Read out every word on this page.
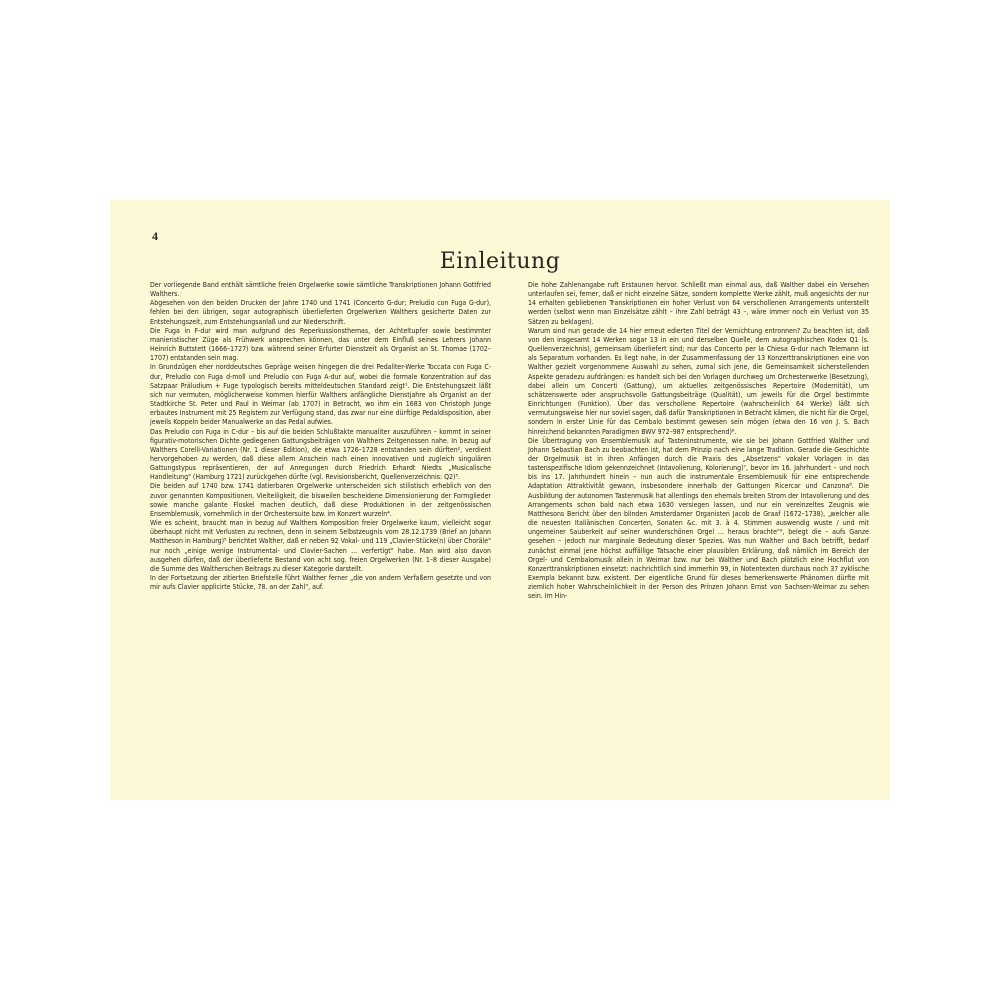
4
Einleitung

Der vorliegende Band enthält sämtliche freien Orgelwerke sowie sämtliche Transkriptionen Johann Gottfried Walthers.

Abgesehen von den beiden Drucken der Jahre 1740 und 1741 (Concerto G-dur; Preludio con Fuga G-dur), fehlen bei den übrigen, sogar autographisch überlieferten Orgelwerken Walthers gesicherte Daten zur Entstehungszeit, zum Entstehungsanlaß und zur Niederschrift.

Die Fuga in F-dur wird man aufgrund des Reperkussionsthemas, der Achteltupfer sowie bestimmter manieristischer Züge als Frühwerk ansprechen können, das unter dem Einfluß seines Lehrers Johann Heinrich Buttstett (1666–1727) bzw. während seiner Erfurter Dienstzeit als Organist an St. Thomae (1702–1707) entstanden sein mag.

In Grundzügen eher norddeutsches Gepräge weisen hingegen die drei Pedaliter-Werke Toccata con Fuga C-dur, Preludio con Fuga d-moll und Preludio con Fuga A-dur auf, wobei die formale Konzentration auf das Satzpaar Präludium + Fuge typologisch bereits mitteldeutschen Standard zeigt¹. Die Entstehungszeit läßt sich nur vermuten, möglicherweise kommen hierfür Walthers anfängliche Dienstjahre als Organist an der Stadtkirche St. Peter und Paul in Weimar (ab 1707) in Betracht, wo ihm ein 1683 von Christoph Junge erbautes Instrument mit 25 Registern zur Verfügung stand, das zwar nur eine dürftige Pedaldisposition, aber jeweils Koppeln beider Manualwerke an das Pedal aufwies.

Das Preludio con Fuga in C-dur – bis auf die beiden Schlußtakte manualiter auszuführen – kommt in seiner figurativ-motorischen Dichte gediegenen Gattungsbeiträgen von Walthers Zeitgenossen nahe. In bezug auf Walthers Corelli-Variationen (Nr. 1 dieser Edition), die etwa 1726–1728 entstanden sein dürften², verdient hervorgehoben zu werden, daß diese allem Anschein nach einen innovativen und zugleich singulären Gattungstypus repräsentieren, der auf Anregungen durch Friedrich Erhardt Niedts „Musicalische Handleitung" (Hamburg 1721) zurückgehen dürfte (vgl. Revisionsbericht, Quellenverzeichnis: Q2)³.

Die beiden auf 1740 bzw. 1741 datierbaren Orgelwerke unterscheiden sich stilistisch erheblich von den zuvor genannten Kompositionen. Vielteiligkeit, die bisweilen bescheidene Dimensionierung der Formglieder sowie manche galante Floskel machen deutlich, daß diese Produktionen in der zeitgenössischen Ensemblemusik, vornehmlich in der Orchestersuite bzw. im Konzert wurzeln⁴.

Wie es scheint, braucht man in bezug auf Walthers Komposition freier Orgelwerke kaum, vielleicht sogar überhaupt nicht mit Verlusten zu rechnen, denn in seinem Selbstzeugnis vom 28.12.1739 (Brief an Johann Mattheson in Hamburg)⁵ berichtet Walther, daß er neben 92 Vokal- und 119 „Clavier-Stücke(n) über Choräle" nur noch „einige wenige Instrumental- und Clavier-Sachen ... verfertigt" habe. Man wird also davon ausgehen dürfen, daß der überlieferte Bestand von acht sog. freien Orgelwerken (Nr. 1–8 dieser Ausgabe) die Summe des Waltherschen Beitrags zu dieser Kategorie darstellt.

In der Fortsetzung der zitierten Briefstelle führt Walther ferner „die von andern Verfaßern gesetzte und von mir aufs Clavier applicirte Stücke, 78. an der Zahl", auf.

Die hohe Zahlenangabe ruft Erstaunen hervor. Schließt man einmal aus, daß Walther dabei ein Versehen unterlaufen sei, ferner, daß er nicht einzelne Sätze, sondern komplette Werke zählt, muß angesichts der nur 14 erhalten gebliebenen Transkriptionen ein hoher Verlust von 64 verschollenen Arrangements unterstellt werden (selbst wenn man Einzelsätze zählt – ihre Zahl beträgt 43 –, wäre immer noch ein Verlust von 35 Sätzen zu beklagen).

Warum sind nun gerade die 14 hier erneut edierten Titel der Vernichtung entronnen? Zu beachten ist, daß von den insgesamt 14 Werken sogar 13 in ein und derselben Quelle, dem autographischen Kodex Q1 (s. Quellenverzeichnis), gemeinsam überliefert sind; nur das Concerto per la Chiesa G-dur nach Telemann ist als Separatum vorhanden. Es liegt nahe, in der Zusammenfassung der 13 Konzerttranskriptionen eine von Walther gezielt vorgenommene Auswahl zu sehen, zumal sich jene, die Gemeinsamkeit sicherstellenden Aspekte geradezu aufdrängen: es handelt sich bei den Vorlagen durchweg um Orchesterwerke (Besetzung), dabei allein um Concerti (Gattung), um aktuelles zeitgenössisches Repertoire (Modernität), um schätzenswerte oder anspruchsvolle Gattungsbeiträge (Qualität), um jeweils für die Orgel bestimmte Einrichtungen (Funktion). Über das verschollene Repertoire (wahrscheinlich 64 Werke) läßt sich vermutungsweise hier nur soviel sagen, daß dafür Transkriptionen in Betracht kämen, die nicht für die Orgel, sondern in erster Linie für das Cembalo bestimmt gewesen sein mögen (etwa den 16 von J. S. Bach hinreichend bekannten Paradigmen BWV 972–987 entsprechend)⁶.

Die Übertragung von Ensemblemusik auf Tasteninstrumente, wie sie bei Johann Gottfried Walther und Johann Sebastian Bach zu beobachten ist, hat dem Prinzip nach eine lange Tradition. Gerade die Geschichte der Orgelmusik ist in ihren Anfängen durch die Praxis des „Absetzens" vokaler Vorlagen in das tastenspezifische Idiom gekennzeichnet (Intavolierung, Kolorierung)⁷, bevor im 16. Jahrhundert – und noch bis ins 17. Jahrhundert hinein – nun auch die instrumentale Ensemblemusik für eine entsprechende Adaptation Attraktivität gewann, insbesondere innerhalb der Gattungen Ricercar und Canzona⁸. Die Ausbildung der autonomen Tastenmusik hat allerdings den ehemals breiten Strom der Intavolierung und des Arrangements schon bald nach etwa 1630 versiegen lassen, und nur ein vereinzeltes Zeugnis wie Matthesons Bericht über den blinden Amsterdamer Organisten Jacob de Graaf (1672–1738), „welcher alle die neuesten Italiänischen Concerten, Sonaten &c. mit 3. à 4. Stimmen auswendig wuste / und mit ungemeiner Sauberkeit auf seiner wunderschönen Orgel ... heraus brachte"⁹, belegt die – aufs Ganze gesehen – jedoch nur marginale Bedeutung dieser Spezies. Was nun Walther und Bach betrifft, bedarf zunächst einmal jene höchst auffällige Tatsache einer plausiblen Erklärung, daß nämlich im Bereich der Orgel- und Cembalomusik allein in Weimar bzw. nur bei Walther und Bach plötzlich eine Hochflut von Konzerttranskriptionen einsetzt: nachrichtlich sind immerhin 99, in Notentexten durchaus noch 37 zyklische Exempla bekannt bzw. existent. Der eigentliche Grund für dieses bemerkenswerte Phänomen dürfte mit ziemlich hoher Wahrscheinlichkeit in der Person des Prinzen Johann Ernst von Sachsen-Weimar zu sehen sein. Im Hin-
